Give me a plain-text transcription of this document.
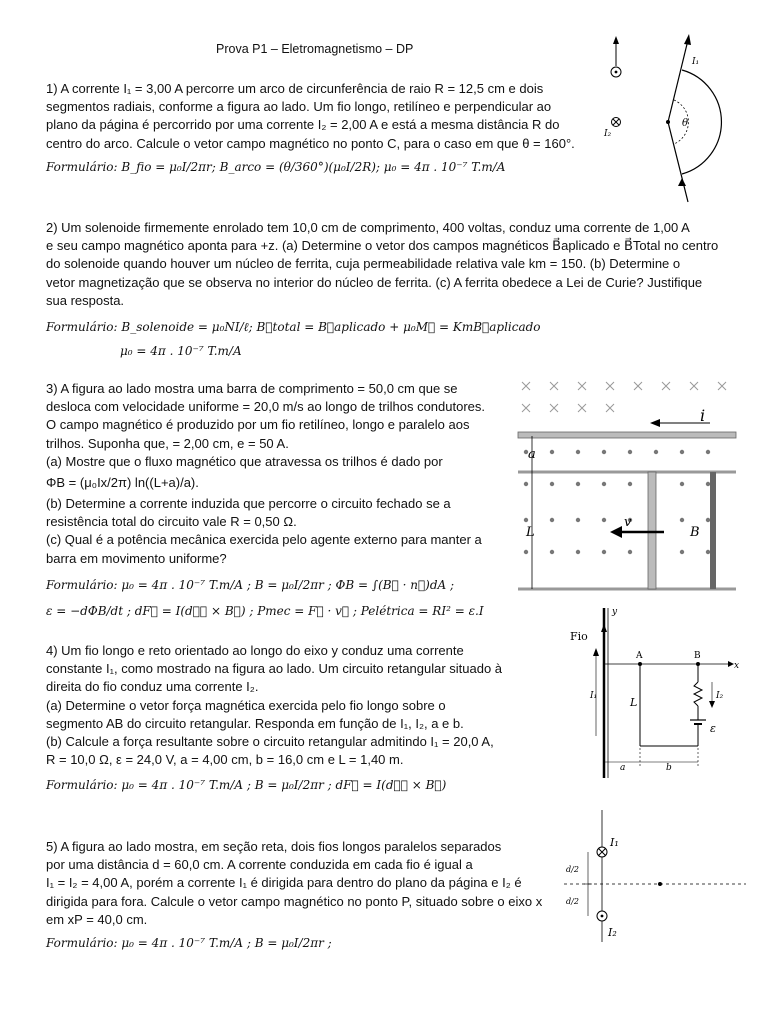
Prova P1 – Eletromagnetismo – DP
1) A corrente I₁ = 3,00 A percorre um arco de circunferência de raio R = 12,5 cm e dois
segmentos radiais, conforme a figura ao lado. Um fio longo, retilíneo e perpendicular ao
plano da página é percorrido por uma corrente I₂ = 2,00 A e está a mesma distância R do
centro do arco. Calcule o vetor campo magnético no ponto C, para o caso em que θ = 160°.
Formulário: B_fio = μ₀I/2πr; B_arco = (θ/360°)(μ₀I/2R); μ₀ = 4π . 10⁻⁷ T.m/A
I₂
I₁
θ
2) Um solenoide firmemente enrolado tem 10,0 cm de comprimento, 400 voltas, conduz uma corrente de 1,00 A
e seu campo magnético aponta para +z. (a) Determine o vetor dos campos magnéticos B⃗aplicado e B⃗Total no centro
do solenoide quando houver um núcleo de ferrita, cuja permeabilidade relativa vale km = 150. (b) Determine o
vetor magnetização que se observa no interior do núcleo de ferrita. (c) A ferrita obedece a Lei de Curie? Justifique
sua resposta.
Formulário: B_solenoide = μ₀NI/ℓ; B⃗total = B⃗aplicado + μ₀M⃗ = KmB⃗aplicado
μ₀ = 4π . 10⁻⁷ T.m/A
3) A figura ao lado mostra uma barra de comprimento = 50,0 cm que se
desloca com velocidade uniforme = 20,0 m/s ao longo de trilhos condutores.
O campo magnético é produzido por um fio retilíneo, longo e paralelo aos
trilhos. Suponha que, = 2,00 cm, e = 50 A.
(a) Mostre que o fluxo magnético que atravessa os trilhos é dado por
ΦB = (μ₀Ix/2π) ln((L+a)/a).
(b) Determine a corrente induzida que percorre o circuito fechado se a
resistência total do circuito vale R = 0,50 Ω.
(c) Qual é a potência mecânica exercida pelo agente externo para manter a
barra em movimento uniforme?
Formulário: μ₀ = 4π . 10⁻⁷ T.m/A ; B = μ₀I/2πr ; ΦB = ∫(B⃗ · n⃗)dA ;
ε = −dΦB/dt ; dF⃗ = I(dℓ⃗ × B⃗) ; Pmec = F⃗ · v⃗ ; Pelétrica = RI² = ε.I
i
a
L
v
B
4) Um fio longo e reto orientado ao longo do eixo y conduz uma corrente
constante I₁, como mostrado na figura ao lado. Um circuito retangular situado à
direita do fio conduz uma corrente I₂.
(a) Determine o vetor força magnética exercida pelo fio longo sobre o
segmento AB do circuito retangular. Responda em função de I₁, I₂, a e b.
(b) Calcule a força resultante sobre o circuito retangular admitindo I₁ = 20,0 A,
R = 10,0 Ω, ε = 24,0 V, a = 4,00 cm, b = 16,0 cm e L = 1,40 m.
Formulário: μ₀ = 4π . 10⁻⁷ T.m/A ; B = μ₀I/2πr ; dF⃗ = I(dℓ⃗ × B⃗)
Fio
y
x
I₁
A	B
ε
I₂
L
a	b
5) A figura ao lado mostra, em seção reta, dois fios longos paralelos separados
por uma distância d = 60,0 cm. A corrente conduzida em cada fio é igual a
I₁ = I₂ = 4,00 A, porém a corrente I₁ é dirigida para dentro do plano da página e I₂ é
dirigida para fora. Calcule o vetor campo magnético no ponto P, situado sobre o eixo x
em xP = 40,0 cm.
Formulário: μ₀ = 4π . 10⁻⁷ T.m/A ; B = μ₀I/2πr ;
I₁
I₂
d/2
d/2
